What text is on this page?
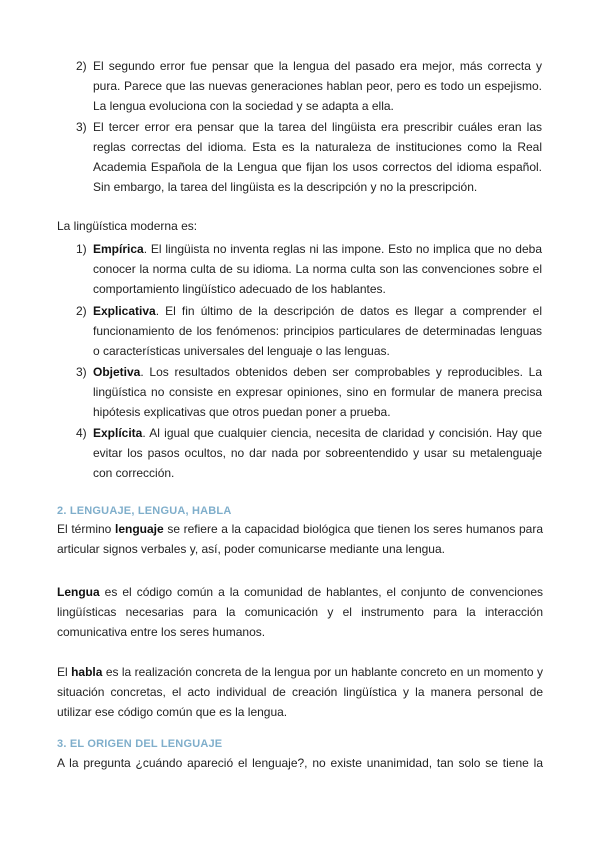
2) El segundo error fue pensar que la lengua del pasado era mejor, más correcta y pura. Parece que las nuevas generaciones hablan peor, pero es todo un espejismo. La lengua evoluciona con la sociedad y se adapta a ella.
3) El tercer error era pensar que la tarea del lingüista era prescribir cuáles eran las reglas correctas del idioma. Esta es la naturaleza de instituciones como la Real Academia Española de la Lengua que fijan los usos correctos del idioma español. Sin embargo, la tarea del lingüista es la descripción y no la prescripción.
La lingüística moderna es:
1) Empírica. El lingüista no inventa reglas ni las impone. Esto no implica que no deba conocer la norma culta de su idioma. La norma culta son las convenciones sobre el comportamiento lingüístico adecuado de los hablantes.
2) Explicativa. El fin último de la descripción de datos es llegar a comprender el funcionamiento de los fenómenos: principios particulares de determinadas lenguas o características universales del lenguaje o las lenguas.
3) Objetiva. Los resultados obtenidos deben ser comprobables y reproducibles. La lingüística no consiste en expresar opiniones, sino en formular de manera precisa hipótesis explicativas que otros puedan poner a prueba.
4) Explícita. Al igual que cualquier ciencia, necesita de claridad y concisión. Hay que evitar los pasos ocultos, no dar nada por sobreentendido y usar su metalenguaje con corrección.
2. LENGUAJE, LENGUA, HABLA
El término lenguaje se refiere a la capacidad biológica que tienen los seres humanos para articular signos verbales y, así, poder comunicarse mediante una lengua.
Lengua es el código común a la comunidad de hablantes, el conjunto de convenciones lingüísticas necesarias para la comunicación y el instrumento para la interacción comunicativa entre los seres humanos.
El habla es la realización concreta de la lengua por un hablante concreto en un momento y situación concretas, el acto individual de creación lingüística y la manera personal de utilizar ese código común que es la lengua.
3. EL ORIGEN DEL LENGUAJE
A la pregunta ¿cuándo apareció el lenguaje?, no existe unanimidad, tan solo se tiene la
